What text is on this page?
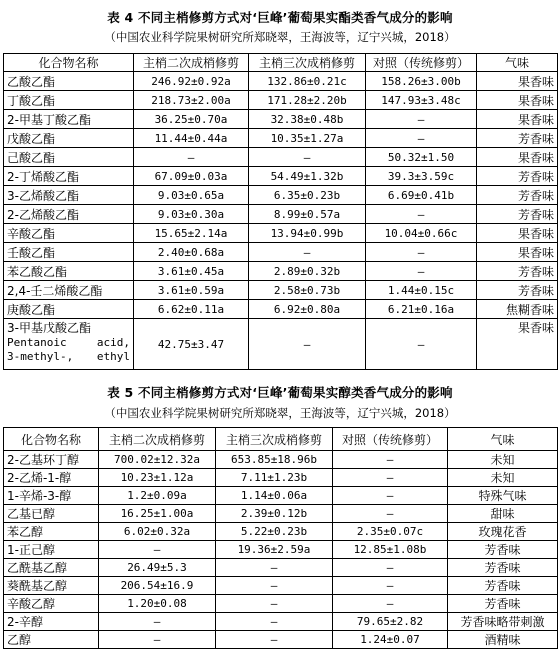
表 4 不同主梢修剪方式对‘巨峰’葡萄果实酯类香气成分的影响
（中国农业科学院果树研究所郑晓翠，王海波等，辽宁兴城，2018）
化合物名称	主梢二次成梢修剪	主梢三次成梢修剪	对照（传统修剪）	气味
乙酸乙酯	246.92±0.92a	132.86±0.21c	158.26±3.00b	果香味
丁酸乙酯	218.73±2.00a	171.28±2.20b	147.93±3.48c	果香味
2-甲基丁酸乙酯	36.25±0.70a	32.38±0.48b	—	果香味
戊酸乙酯	11.44±0.44a	10.35±1.27a	—	芳香味
己酸乙酯	—	—	50.32±1.50	果香味
2-丁烯酸乙酯	67.09±0.03a	54.49±1.32b	39.3±3.59c	芳香味
3-乙烯酸乙酯	9.03±0.65a	6.35±0.23b	6.69±0.41b	芳香味
2-乙烯酸乙酯	9.03±0.30a	8.99±0.57a	—	芳香味
辛酸乙酯	15.65±2.14a	13.94±0.99b	10.04±0.66c	果香味
壬酸乙酯	2.40±0.68a	—	—	果香味
苯乙酸乙酯	3.61±0.45a	2.89±0.32b	—	芳香味
2,4-壬二烯酸乙酯	3.61±0.59a	2.58±0.73b	1.44±0.15c	芳香味
庚酸乙酯	6.62±0.11a	6.92±0.80a	6.21±0.16a	焦糊香味

3-甲基戊酸乙酯
Pentanoic acid,
3-methyl-, ethyl	42.75±3.47	—	—	果香味
表 5 不同主梢修剪方式对‘巨峰’葡萄果实醇类香气成分的影响
（中国农业科学院果树研究所郑晓翠，王海波等，辽宁兴城，2018）
化合物名称	主梢二次成梢修剪	主梢三次成梢修剪	对照（传统修剪）	气味
2-乙基环丁醇	700.02±12.32a	653.85±18.96b	—	未知
2-乙烯-1-醇	10.23±1.12a	7.11±1.23b	—	未知
1-辛烯-3-醇	1.2±0.09a	1.14±0.06a	—	特殊气味
乙基已醇	16.25±1.00a	2.39±0.12b	—	甜味
苯乙醇	6.02±0.32a	5.22±0.23b	2.35±0.07c	玫瑰花香
1-正己醇	—	19.36±2.59a	12.85±1.08b	芳香味
乙酰基乙醇	26.49±5.3	—	—	芳香味
葵酰基乙醇	206.54±16.9	—	—	芳香味
辛酸乙醇	1.20±0.08	—	—	芳香味
2-辛醇	—	—	79.65±2.82	芳香味略带刺激
乙醇	—	—	1.24±0.07	酒精味
